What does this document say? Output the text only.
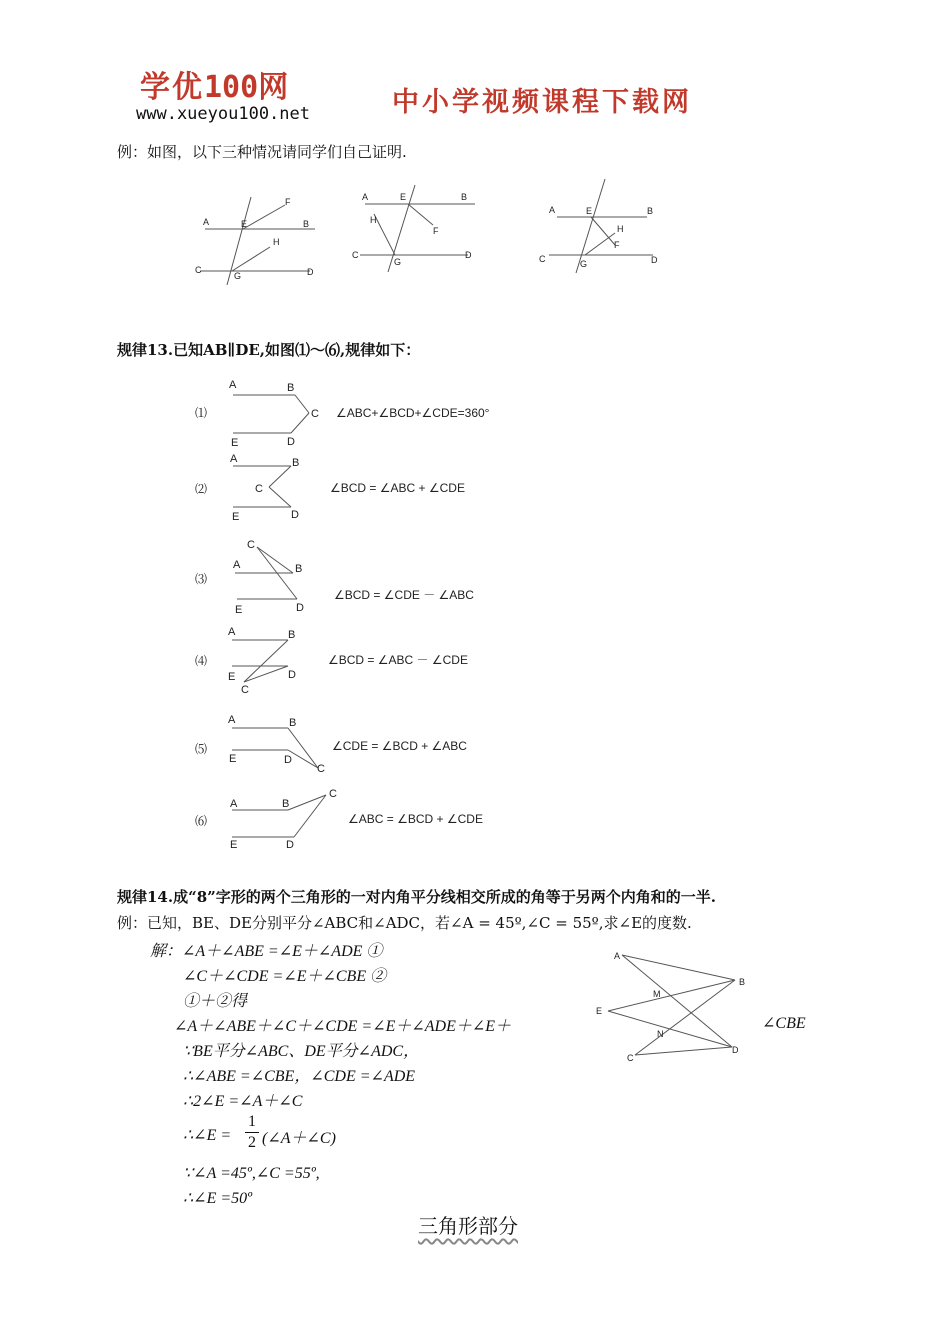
学优100网
www.xueyou100.net	中小学视频课程下载网
例：如图，以下三种情况请同学们自己证明.
A	E
F
B
H
C
G	D
A	E	B
H
F
C
G
D
A	E	B
H
F
C	G	D
规律13.已知AB∥DE,如图⑴～⑹,规律如下：
⑴
A	B
C
E	D
∠ABC+∠BCD+∠CDE=360°
⑵
A	B
C
E	D
∠BCD = ∠ABC + ∠CDE
⑶
C
A	B
E	D
∠BCD = ∠CDE － ∠ABC
⑷
A	B
E	D
C
∠BCD = ∠ABC － ∠CDE
⑸
A	B
E	D
C
∠CDE = ∠BCD + ∠ABC
⑹
C
A	B
E	D
∠ABC = ∠BCD + ∠CDE
规律14.成“8”字形的两个三角形的一对内角平分线相交所成的角等于另两个内角和的一半.
例：已知，BE、DE分别平分∠ABC和∠ADC，若∠A = 45º,∠C = 55º,求∠E的度数.
解：∠A＋∠ABE =∠E＋∠ADE ①
∠C＋∠CDE =∠E＋∠CBE ②
①＋②得
∠A＋∠ABE＋∠C＋∠CDE =∠E＋∠ADE＋∠E＋	∠CBE
∵BE平分∠ABC、DE平分∠ADC，
∴∠ABE =∠CBE，∠CDE =∠ADE
∴2∠E =∠A＋∠C
∴∠E = $\frac{1}{2}$ (∠A＋∠C)
∵∠A =45º,∠C =55º,
∴∠E =50º
A
B
M
E
N
C
D
三角形部分
